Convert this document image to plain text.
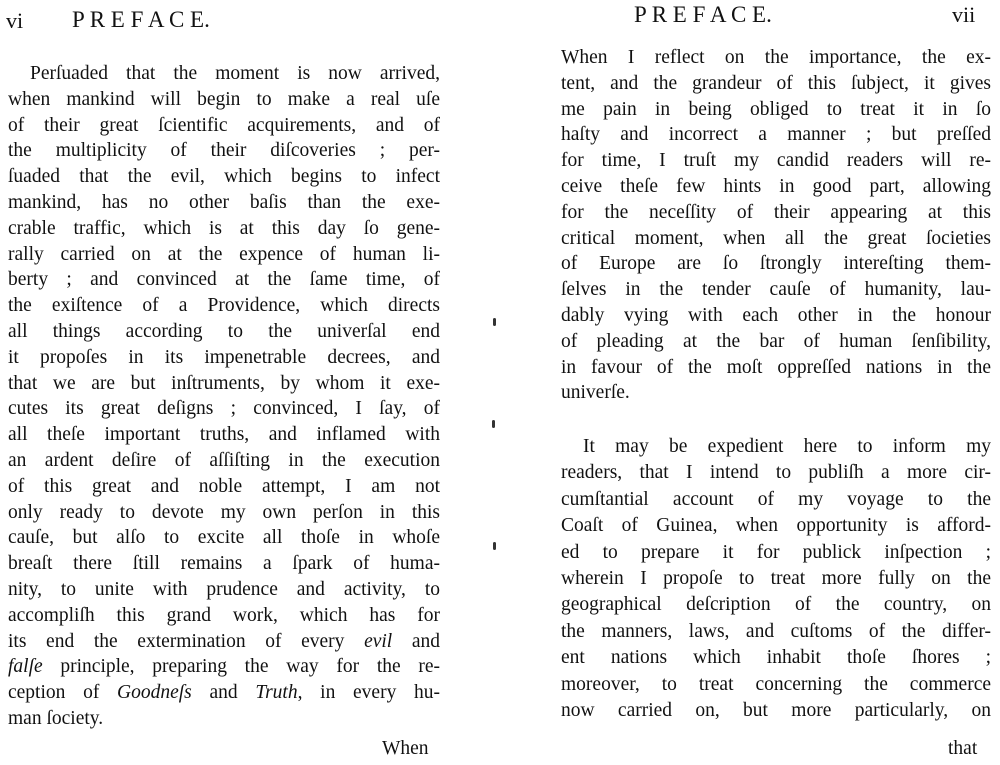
vi P R E F A C E.
Perſuaded that the moment is now arrived,
when mankind will begin to make a real uſe
of their great ſcientific acquirements, and of
the multiplicity of their diſcoveries ; per-
ſuaded that the evil, which begins to infect
mankind, has no other baſis than the exe-
crable traffic, which is at this day ſo gene-
rally carried on at the expence of human li-
berty ; and convinced at the ſame time, of
the exiſtence of a Providence, which directs
all things according to the univerſal end
it propoſes in its impenetrable decrees, and
that we are but inſtruments, by whom it exe-
cutes its great deſigns ; convinced, I ſay, of
all theſe important truths, and inflamed with
an ardent deſire of aſſiſting in the execution
of this great and noble attempt, I am not
only ready to devote my own perſon in this
cauſe, but alſo to excite all thoſe in whoſe
breaſt there ſtill remains a ſpark of huma-
nity, to unite with prudence and activity, to
accompliſh this grand work, which has for
its end the extermination of every evil and
falſe principle, preparing the way for the re-
ception of Goodneſs and Truth, in every hu-
man ſociety.
When
P R E F A C E.	vii
When I reflect on the importance, the ex-
tent, and the grandeur of this ſubject, it gives
me pain in being obliged to treat it in ſo
haſty and incorrect a manner ; but preſſed
for time, I truſt my candid readers will re-
ceive theſe few hints in good part, allowing
for the neceſſity of their appearing at this
critical moment, when all the great ſocieties
of Europe are ſo ſtrongly intereſting them-
ſelves in the tender cauſe of humanity, lau-
dably vying with each other in the honour
of pleading at the bar of human ſenſibility,
in favour of the moſt oppreſſed nations in the
univerſe.
It may be expedient here to inform my
readers, that I intend to publiſh a more cir-
cumſtantial account of my voyage to the
Coaſt of Guinea, when opportunity is afford-
ed to prepare it for publick inſpection ;
wherein I propoſe to treat more fully on the
geographical deſcription of the country, on
the manners, laws, and cuſtoms of the differ-
ent nations which inhabit thoſe ſhores ;
moreover, to treat concerning the commerce
now carried on, but more particularly, on
that
